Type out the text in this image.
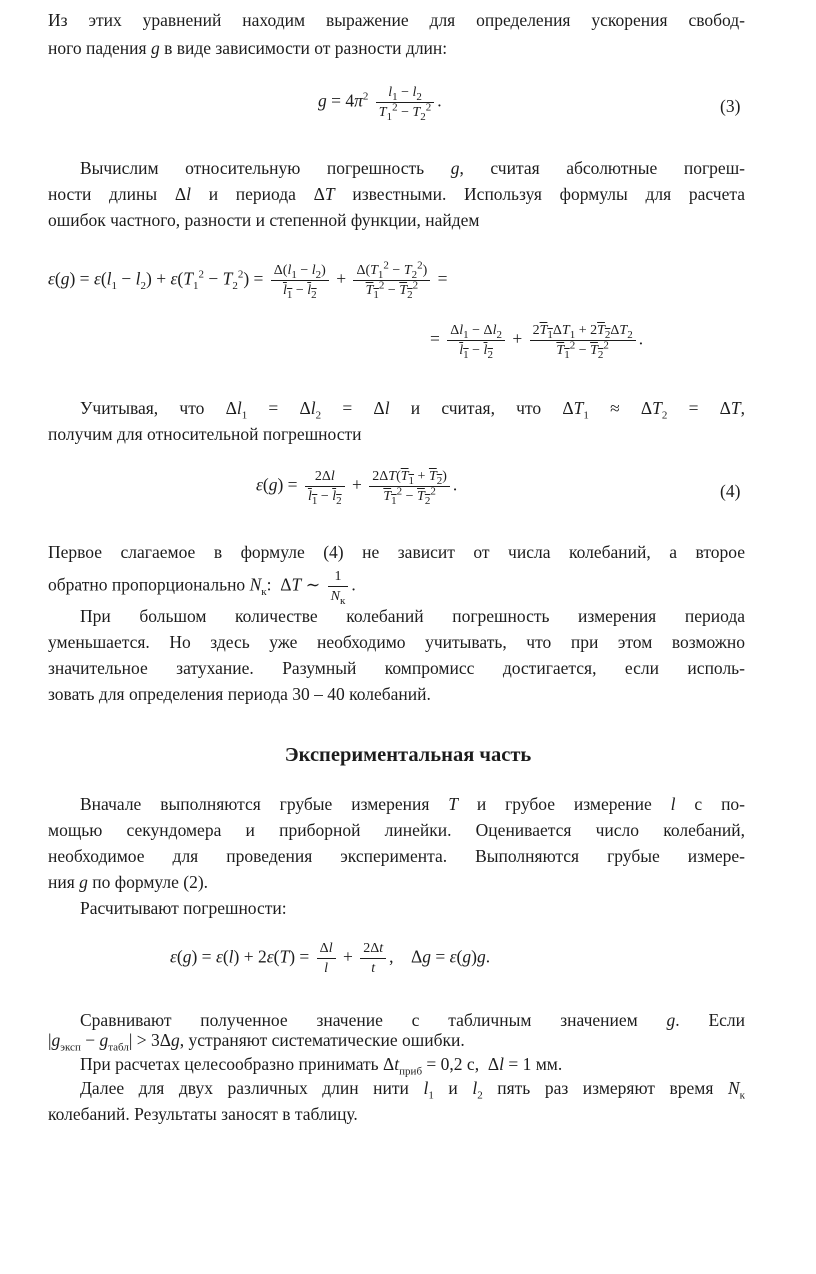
Из этих уравнений находим выражение для определения ускорения свобод-
ного падения g в виде зависимости от разности длин:
$g = 4\pi^2 \frac{l_1 - l_2}{T_1^2 - T_2^2}$ .	(3)
Вычислим относительную погрешность g, считая абсолютные погреш-
ности длины Δl и периода ΔT известными. Используя формулы для расчета
ошибок частного, разности и степенной функции, найдем
$\varepsilon(g) = \varepsilon(l_1 - l_2) + \varepsilon(T_1^2 - T_2^2) = \frac{\Delta(l_1 - l_2)}{l_1 - l_2} + \frac{\Delta(T_1^2 - T_2^2)}{T_1^2 - T_2^2}$ =
= $\frac{\Delta l_1 - \Delta l_2}{l_1 - l_2} + \frac{2T_1\Delta T_1 + 2T_2\Delta T_2}{T_1^2 - T_2^2}$ .
Учитывая, что $\Delta l_1 = \Delta l_2 = \Delta l$ и считая, что $\Delta T_1 \approx \Delta T_2 = \Delta T$,
получим для относительной погрешности
$\varepsilon(g) = \frac{2\Delta l}{l_1 - l_2} + \frac{2\Delta T(T_1 + T_2)}{T_1^2 - T_2^2}$ .	(4)
Первое слагаемое в формуле (4) не зависит от числа колебаний, а второе
обратно пропорционально $N_к$:  ΔT ∼ $\frac{1}{N_к}$ .
При большом количестве колебаний погрешность измерения периода
уменьшается. Но здесь уже необходимо учитывать, что при этом возможно
значительное затухание. Разумный компромисс достигается, если исполь-
зовать для определения периода 30 – 40 колебаний.
Экспериментальная часть
Вначале выполняются грубые измерения T и грубое измерение l с по-
мощью секундомера и приборной линейки. Оценивается число колебаний,
необходимое для проведения эксперимента. Выполняются грубые измере-
ния g по формуле (2).
Расчитывают погрешности:
$\varepsilon(g) = \varepsilon(l) + 2\varepsilon(T) = \frac{\Delta l}{l} + \frac{2\Delta t}{t}$ ,    Δg = ε(g)g.
Сравнивают полученное значение с табличным значением g. Если
$|g_{эксп} - g_{табл}| > 3\Delta g$, устраняют систематические ошибки.
При расчетах целесообразно принимать $\Delta t_{приб} = 0,2$ с,  Δl = 1 мм.
Далее для двух различных длин нити $l_1$ и $l_2$ пять раз измеряют время $N_к$
колебаний. Результаты заносят в таблицу.
